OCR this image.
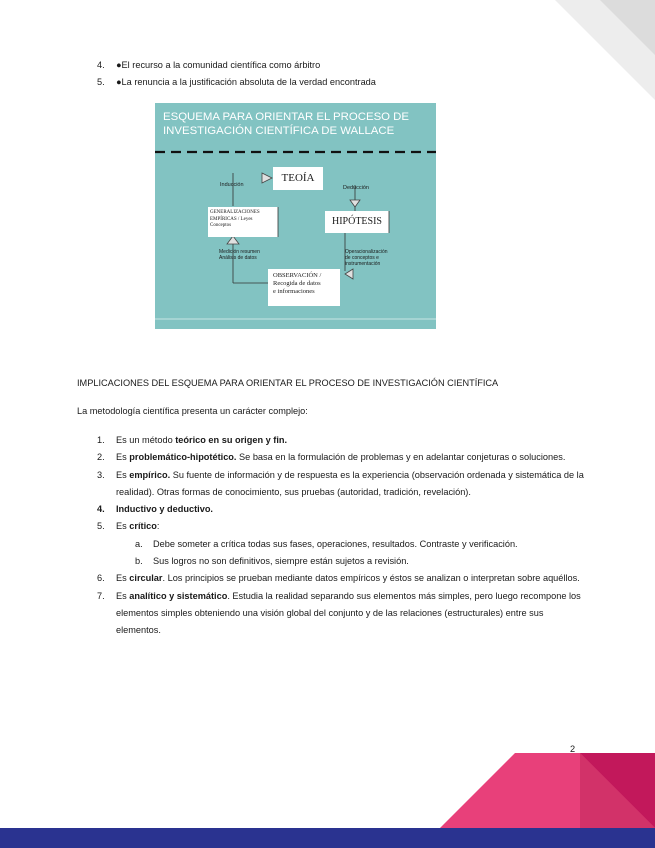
4. ●El recurso a la comunidad científica como árbitro
5. ●La renuncia a la justificación absoluta de la verdad encontrada
ESQUEMA PARA ORIENTAR EL PROCESO DE INVESTIGACIÓN CIENTÍFICA DE WALLACE
TEOÍA
HIPÓTESIS
GENERALIZACIONES
EMPÍRICAS / Leyes
Conceptos
OBSERVACIÓN /
Recogida de datos
e informaciones
Inducción	Deducción
Medición resumen
Análisis de datos
Operacionalización
de conceptos e
instrumentación
IMPLICACIONES DEL ESQUEMA PARA ORIENTAR EL PROCESO DE INVESTIGACIÓN CIENTÍFICA
La metodología científica presenta un carácter complejo:
1. Es un método teórico en su origen y fin.
2. Es problemático-hipotético. Se basa en la formulación de problemas y en adelantar conjeturas o soluciones.
3. Es empírico. Su fuente de información y de respuesta es la experiencia (observación ordenada y sistemática de la realidad). Otras formas de conocimiento, sus pruebas (autoridad, tradición, revelación).
4. Inductivo y deductivo.
5. Es crítico:
a. Debe someter a crítica todas sus fases, operaciones, resultados. Contraste y verificación.
b. Sus logros no son definitivos, siempre están sujetos a revisión.
6. Es circular. Los principios se prueban mediante datos empíricos y éstos se analizan o interpretan sobre aquéllos.
7. Es analítico y sistemático. Estudia la realidad separando sus elementos más simples, pero luego recompone los elementos simples obteniendo una visión global del conjunto y de las relaciones (estructurales) entre sus elementos.
2
